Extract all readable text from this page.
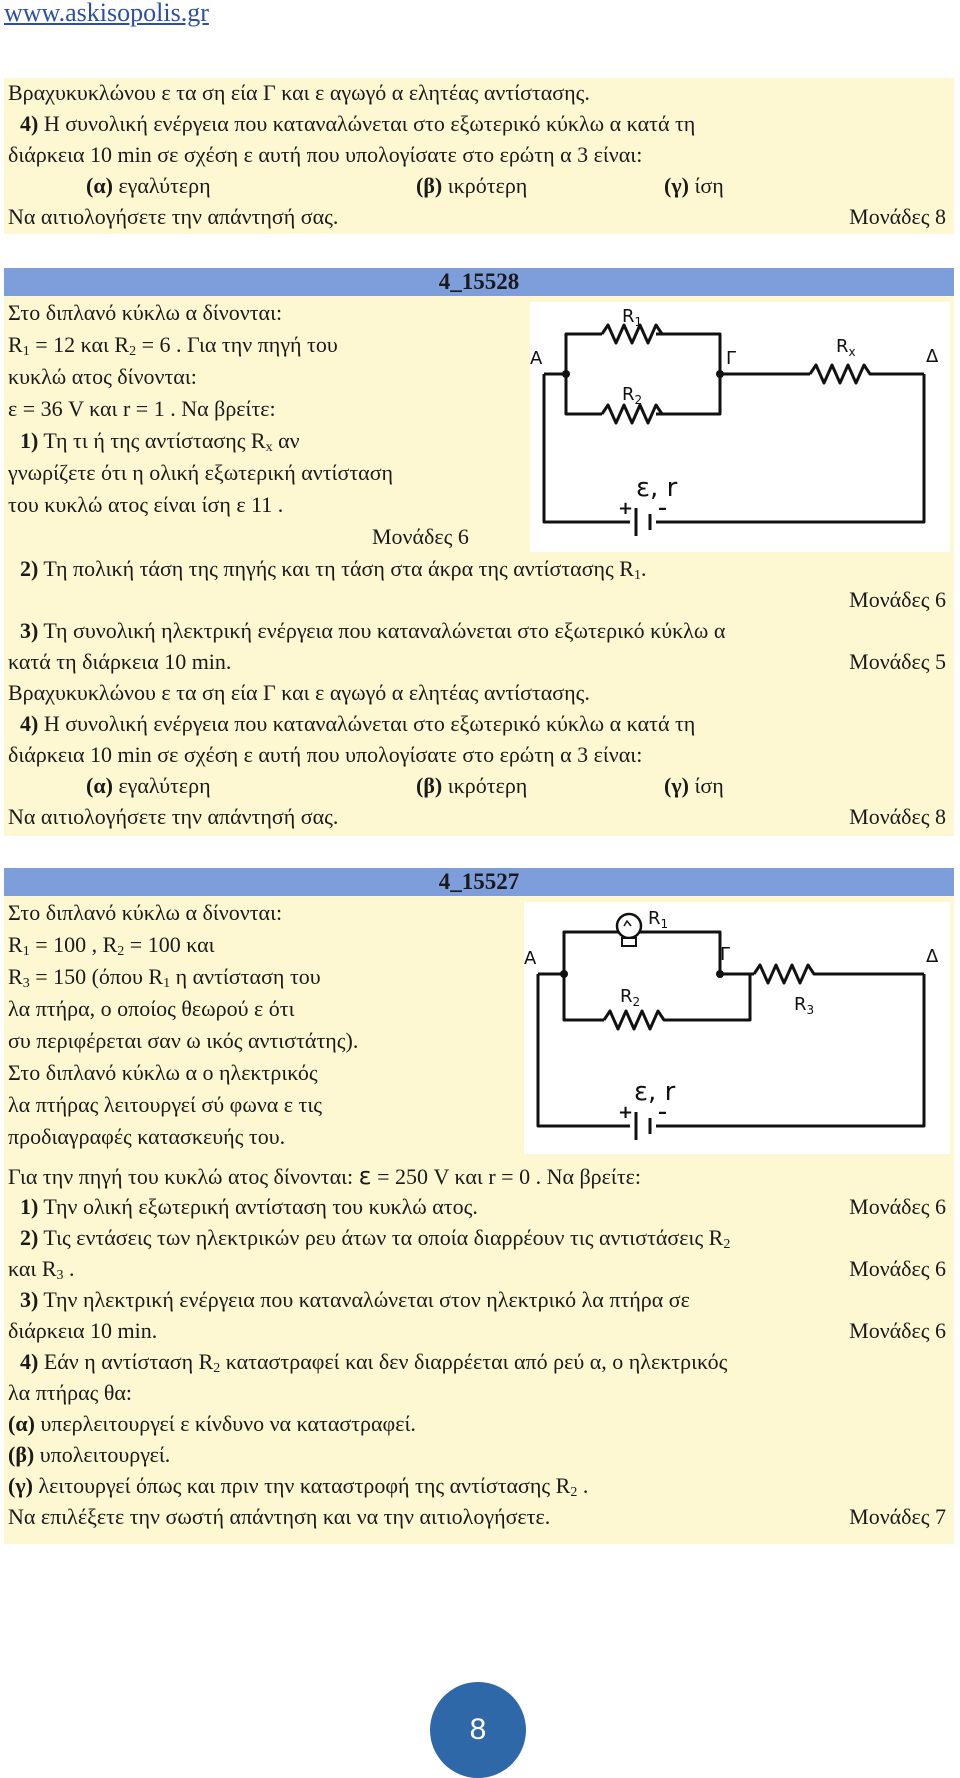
www.askisopolis.gr
Βραχυκυκλώνου ε τα ση εία Γ και ε αγωγό α ελητέας αντίστασης.
4) Η συνολική ενέργεια που καταναλώνεται στο εξωτερικό κύκλω α κατά τη
διάρκεια 10 min σε σχέση ε αυτή που υπολογίσατε στο ερώτη α 3 είναι:
(α) εγαλύτερη	(β) ικρότερη	(γ) ίση
Να αιτιολογήσετε την απάντησή σας.	Μονάδες 8
4_15528
Στο διπλανό κύκλω α δίνονται:
$R_1 = 12$ και $R_2 = 6$ . Για την πηγή του
κυκλώ ατος δίνονται:
ε = 36 V και r = 1 . Να βρείτε:
1) Τη τι ή της αντίστασης $R_x$ αν
γνωρίζετε ότι η ολική εξωτερική αντίσταση
του κυκλώ ατος είναι ίση ε 11 .
Μονάδες 6
2) Τη πολική τάση της πηγής και τη τάση στα άκρα της αντίστασης $R_1$.
Μονάδες 6
3) Τη συνολική ηλεκτρική ενέργεια που καταναλώνεται στο εξωτερικό κύκλω α
κατά τη διάρκεια 10 min.	Μονάδες 5
Βραχυκυκλώνου ε τα ση εία Γ και ε αγωγό α ελητέας αντίστασης.
4) Η συνολική ενέργεια που καταναλώνεται στο εξωτερικό κύκλω α κατά τη
διάρκεια 10 min σε σχέση ε αυτή που υπολογίσατε στο ερώτη α 3 είναι:
(α) εγαλύτερη	(β) ικρότερη	(γ) ίση
Να αιτιολογήσετε την απάντησή σας.	Μονάδες 8
A	Γ	Δ
$R_1$
$R_2$
$R_x$
ε, r
+ –
4_15527
Στο διπλανό κύκλω α δίνονται:
$R_1 = 100$ , $R_2 = 100$ και
$R_3 = 150$ (όπου $R_1$ η αντίσταση του
λα πτήρα, ο οποίος θεωρού ε ότι
συ περιφέρεται σαν ω ικός αντιστάτης).
Στο διπλανό κύκλω α ο ηλεκτρικός
λα πτήρας λειτουργεί σύ φωνα ε τις
προδιαγραφές κατασκευής του.
Για την πηγή του κυκλώ ατος δίνονται: ε = 250 V και r = 0 . Να βρείτε:
1) Την ολική εξωτερική αντίσταση του κυκλώ ατος.	Μονάδες 6
2) Τις εντάσεις των ηλεκτρικών ρευ άτων τα οποία διαρρέουν τις αντιστάσεις $R_2$
και $R_3$ .	Μονάδες 6
3) Την ηλεκτρική ενέργεια που καταναλώνεται στον ηλεκτρικό λα πτήρα σε
διάρκεια 10 min.	Μονάδες 6
4) Εάν η αντίσταση $R_2$ καταστραφεί και δεν διαρρέεται από ρεύ α, ο ηλεκτρικός
λα πτήρας θα:
(α) υπερλειτουργεί ε κίνδυνο να καταστραφεί.
(β) υπολειτουργεί.
(γ) λειτουργεί όπως και πριν την καταστροφή της αντίστασης $R_2$ .
Να επιλέξετε την σωστή απάντηση και να την αιτιολογήσετε.	Μονάδες 7
A	Γ	Δ
$R_1$
$R_2$	$R_3$
ε, r
+ –
8
